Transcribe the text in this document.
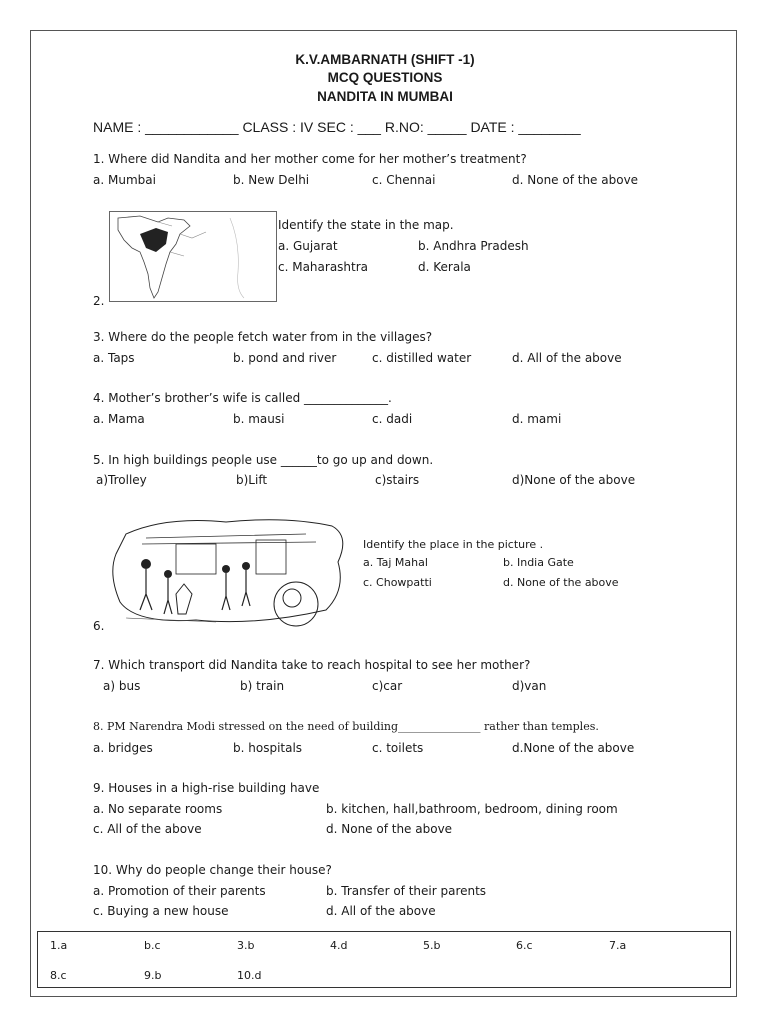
K.V.AMBARNATH (SHIFT -1)
MCQ QUESTIONS
NANDITA IN MUMBAI
NAME : ____________ CLASS : IV SEC : ___ R.NO: _____ DATE : ________
1. Where did Nandita and her mother come for her mother’s treatment?
a. Mumbai	b. New Delhi	c. Chennai	d. None of the above
2.
Identify the state in the map.
a. Gujarat	b. Andhra Pradesh
c. Maharashtra	d. Kerala
3. Where do the people fetch water from in the villages?
a. Taps	b. pond and river	c. distilled water	d. All of the above
4. Mother’s brother’s wife is called ______________.
a. Mama	b. mausi	c. dadi	d. mami
5. In high buildings people use ______to go up and down.
a)Trolley	b)Lift	c)stairs	d)None of the above
6.
Identify the place in the picture .
a. Taj Mahal	b. India Gate
c. Chowpatti	d. None of the above
7. Which transport did Nandita take to reach hospital to see her mother?
a) bus	b) train	c)car	d)van
8. PM Narendra Modi stressed on the need of building_______________ rather than temples.
a. bridges	b. hospitals	c. toilets	d.None of the above
9. Houses in a high-rise building have
a. No separate rooms	b. kitchen, hall,bathroom, bedroom, dining room
c. All of the above	d. None of the above
10. Why do people change their house?
a. Promotion of their parents	b. Transfer of their parents
c. Buying a new house	d. All of the above
1.a	b.c	3.b	4.d	5.b	6.c	7.a
8.c	9.b	10.d
